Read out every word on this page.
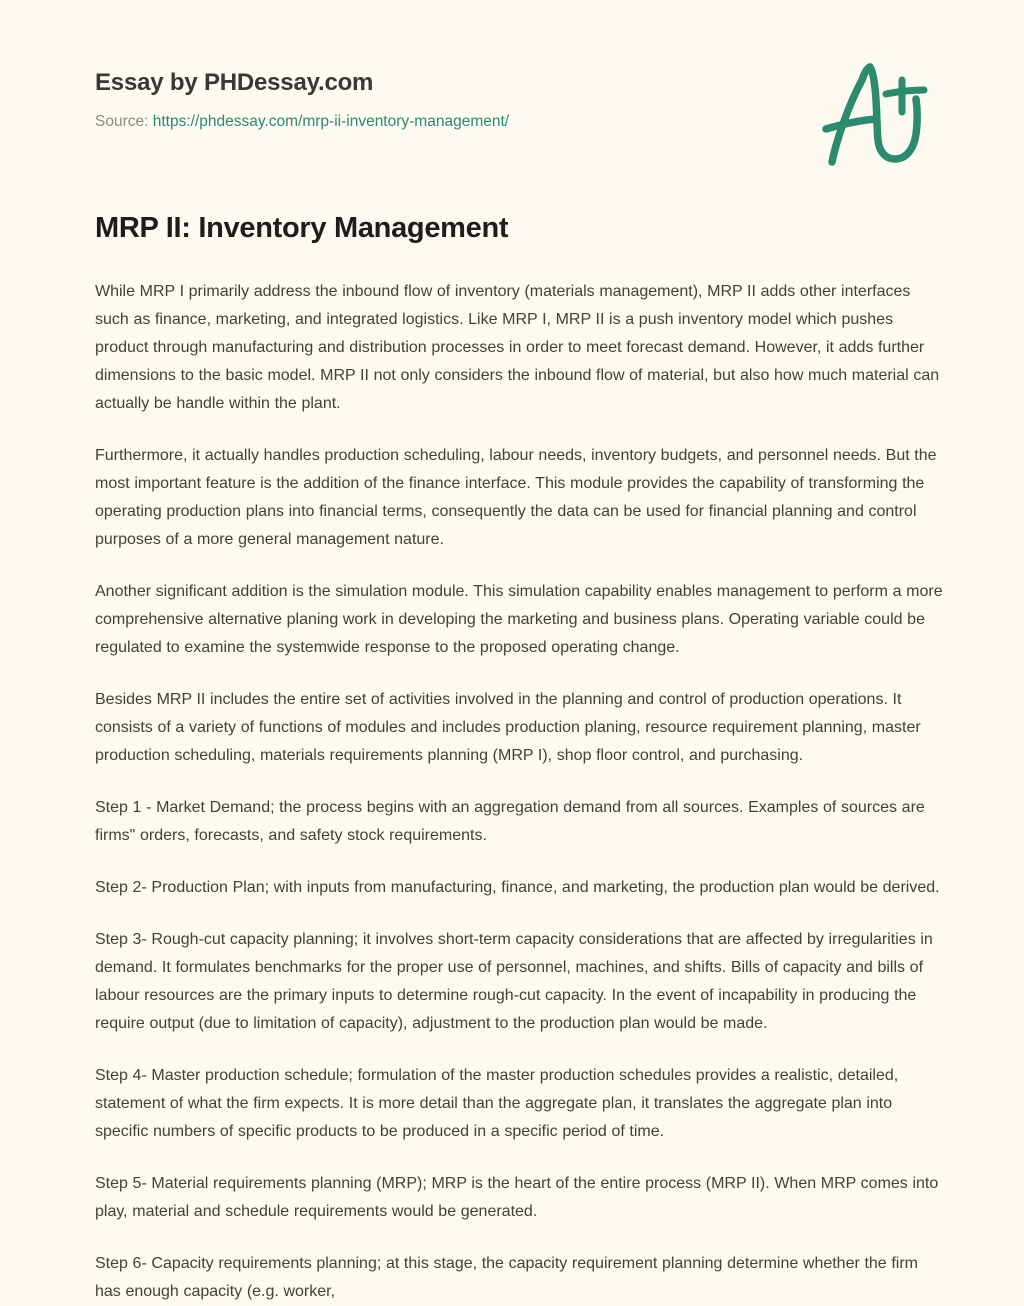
Essay by PHDessay.com
Source: https://phdessay.com/mrp-ii-inventory-management/
MRP II: Inventory Management

While MRP I primarily address the inbound flow of inventory (materials management), MRP II adds other interfaces such as finance, marketing, and integrated logistics. Like MRP I, MRP II is a push inventory model which pushes product through manufacturing and distribution processes in order to meet forecast demand. However, it adds further dimensions to the basic model. MRP II not only considers the inbound flow of material, but also how much material can actually be handle within the plant.

Furthermore, it actually handles production scheduling, labour needs, inventory budgets, and personnel needs. But the most important feature is the addition of the finance interface. This module provides the capability of transforming the operating production plans into financial terms, consequently the data can be used for financial planning and control purposes of a more general management nature.

Another significant addition is the simulation module. This simulation capability enables management to perform a more comprehensive alternative planing work in developing the marketing and business plans. Operating variable could be regulated to examine the systemwide response to the proposed operating change.

Besides MRP II includes the entire set of activities involved in the planning and control of production operations. It consists of a variety of functions of modules and includes production planing, resource requirement planning, master production scheduling, materials requirements planning (MRP I), shop floor control, and purchasing.

Step 1 - Market Demand; the process begins with an aggregation demand from all sources. Examples of sources are firms" orders, forecasts, and safety stock requirements.

Step 2- Production Plan; with inputs from manufacturing, finance, and marketing, the production plan would be derived.

Step 3- Rough-cut capacity planning; it involves short-term capacity considerations that are affected by irregularities in demand. It formulates benchmarks for the proper use of personnel, machines, and shifts. Bills of capacity and bills of labour resources are the primary inputs to determine rough-cut capacity. In the event of incapability in producing the require output (due to limitation of capacity), adjustment to the production plan would be made.

Step 4- Master production schedule; formulation of the master production schedules provides a realistic, detailed, statement of what the firm expects. It is more detail than the aggregate plan, it translates the aggregate plan into specific numbers of specific products to be produced in a specific period of time.

Step 5- Material requirements planning (MRP); MRP is the heart of the entire process (MRP II). When MRP comes into play, material and schedule requirements would be generated.

Step 6- Capacity requirements planning; at this stage, the capacity requirement planning determine whether the firm has enough capacity (e.g. worker,
